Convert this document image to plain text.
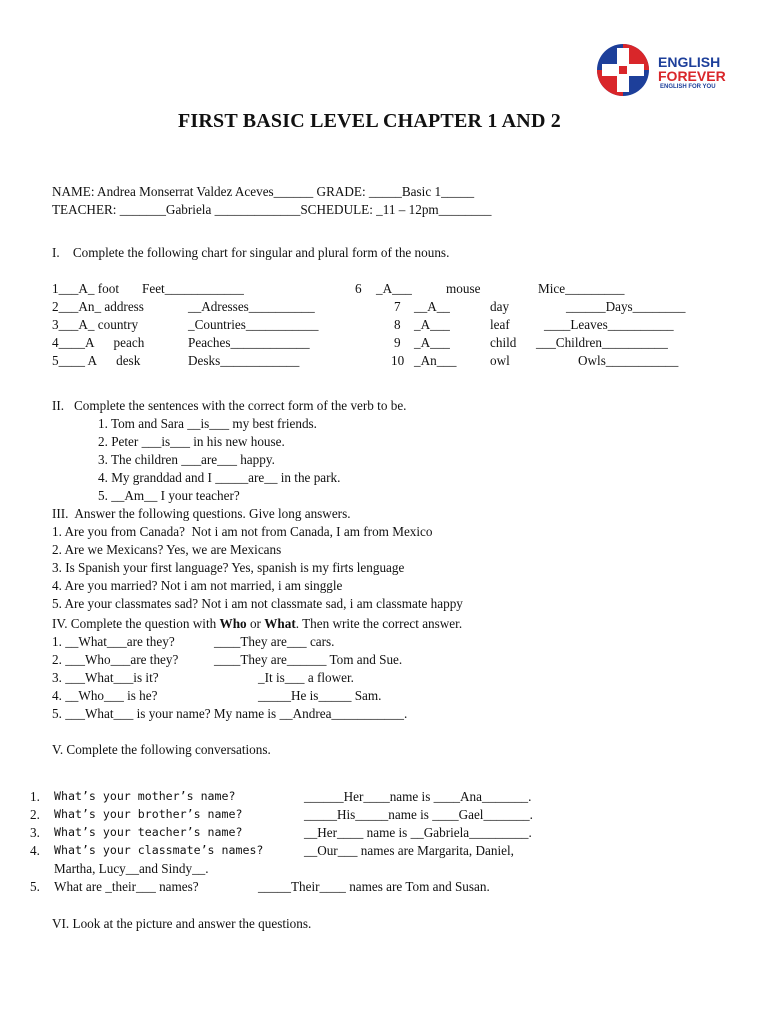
ENGLISH
FOREVER
ENGLISH FOR YOU
FIRST BASIC LEVEL CHAPTER 1 AND 2
NAME: Andrea Monserrat Valdez Aceves______ GRADE: _____Basic 1_____
TEACHER: _______Gabriela _____________SCHEDULE: _11 – 12pm________
I.    Complete the following chart for singular and plural form of the nouns.
1___A_ foot Feet____________
2___An_ address	__Adresses__________
3___A_ country	_Countries___________
4____A      peach	Peaches____________
5____ A      desk	Desks____________
6 _A___	mouse	Mice_________
7 __A__	day	______Days________
8 _A___	leaf	____Leaves__________
9 _A___	child ___Children__________
10 _An___	owl	Owls___________
II.   Complete the sentences with the correct form of the verb to be.
1. Tom and Sara __is___ my best friends.
2. Peter ___is___ in his new house.
3. The children ___are___ happy.
4. My granddad and I _____are__ in the park.
5. __Am__ I your teacher?
III.  Answer the following questions. Give long answers.
1. Are you from Canada?  Not i am not from Canada, I am from Mexico
2. Are we Mexicans? Yes, we are Mexicans
3. Is Spanish your first language? Yes, spanish is my firts lenguage
4. Are you married? Not i am not married, i am singgle
5. Are your classmates sad? Not i am not classmate sad, i am classmate happy
IV. Complete the question with Who or What. Then write the correct answer.
1. __What___are they?	____They are___ cars.
2. ___Who___are they?	____They are______ Tom and Sue.
3. ___What___is it?	_It is___ a flower.
4. __Who___ is he?	_____He is_____ Sam.
5. ___What___ is your name? My name is __Andrea___________.
V. Complete the following conversations.
1. What’s your mother’s name?	______Her____name is ____Ana_______.
2. What’s your brother’s name?	_____His_____name is ____Gael_______.
3. What’s your teacher’s name?	__Her____ name is __Gabriela_________.
4. What’s your classmate’s names?	__Our___ names are Margarita, Daniel,
Martha, Lucy__and Sindy__.
5. What are _their___ names?	_____Their____ names are Tom and Susan.
VI. Look at the picture and answer the questions.
